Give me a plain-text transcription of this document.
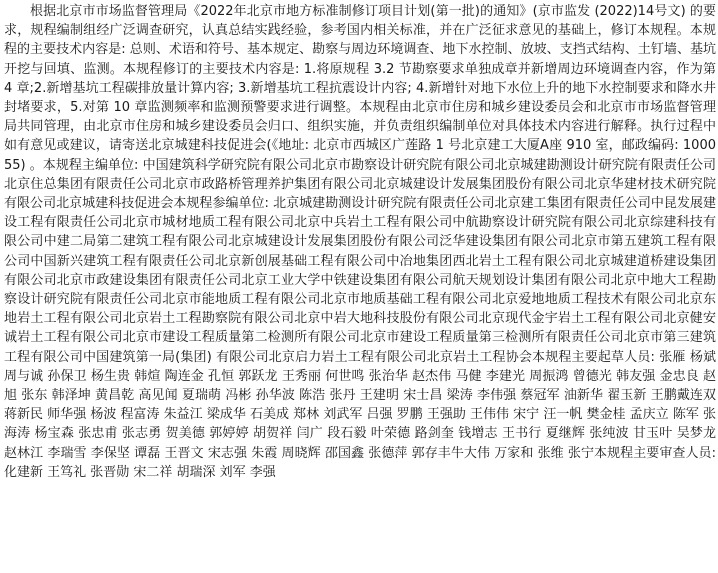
根据北京市市场监督管理局《2022年北京市地方标准制修订项目计划(第一批)的通知》(京市监发 (2022)14号文) 的要求，规程编制组经广泛调查研究，认真总结实践经验，参考国内相关标准，并在广泛征求意见的基础上，修订本规程。本规程的主要技术内容是: 总则、术语和符号、基本规定、勘察与周边环境调查、地下水控制、放坡、支挡式结构、土钉墙、基坑开挖与回填、监测。本规程修订的主要技术内容是: 1.将原规程 3.2 节勘察要求单独成章并新增周边环境调查内容，作为第 4 章;2.新增基坑工程碳排放量计算内容; 3.新增基坑工程抗震设计内容; 4.新增针对地下水位上升的地下水控制要求和降水井封堵要求，5.对第 10 章监测频率和监测预警要求进行调整。本规程由北京市住房和城乡建设委员会和北京市市场监督管理局共同管理，由北京市住房和城乡建设委员会归口、组织实施，并负责组织编制单位对具体技术内容进行解释。执行过程中如有意见或建议，请寄送北京城建科技促进会(《地址: 北京市西城区广莲路 1 号北京建工大厦A座 910 室，邮政编码: 100055) 。本规程主编单位: 中国建筑科学研究院有限公司北京市勘察设计研究院有限公司北京城建勘测设计研究院有限责任公司北京住总集团有限责任公司北京市政路桥管理养护集团有限公司北京城建设计发展集团股份有限公司北京华建材技术研究院有限公司北京城建科技促进会本规程参编单位: 北京城建勘测设计研究院有限责任公司北京建工集团有限责任公司中昆发展建设工程有限责任公司北京市城材地质工程有限公司北京中兵岩土工程有限公司中航勘察设计研究院有限公司北京综建科技有限公司中建二局第二建筑工程有限公司北京城建设计发展集团股份有限公司泛华建设集团有限公司北京市第五建筑工程有限公司中国新兴建筑工程有限责任公司北京新创展基础工程有限公司中冶地集团西北岩土工程有限公司北京城建道桥建设集团有限公司北京市政建设集团有限责任公司北京工业大学中铁建设集团有限公司航天规划设计集团有限公司北京中地大工程勘察设计研究院有限责任公司北京市能地质工程有限公司北京市地质基础工程有限公司北京爱地地质工程技术有限公司北京东地岩土工程有限公司北京岩土工程勘察院有限公司北京中岩大地科技股份有限公司北京现代金宇岩土工程有限公司北京健安诚岩土工程有限公司北京市建设工程质量第二检测所有限公司北京市建设工程质量第三检测所有限责任公司北京市第三建筑工程有限公司中国建筑第一局(集团) 有限公司北京启力岩土工程有限公司北京岩土工程协会本规程主要起草人员: 张雁 杨斌 周与诚 孙保卫 杨生贵 韩煊 陶连金 孔恒 郭跃龙 王秀丽 何世鸣 张治华 赵杰伟 马健 李建光 周振鸿 曾德光 韩友强 金忠良 赵旭 张东 韩泽坤 黄昌乾 高见闻 夏瑞萌 冯彬 孙华波 陈浩 张丹 王建明 宋士昌 梁涛 李伟强 蔡冠军 油新华 翟玉新 王鹏戴连双 蒋新民 师华强 杨波 程富涛 朱益江 梁成华 石美成 郑林 刘武军 吕强 罗鹏 王强助 王伟伟 宋宁 汪一帆 樊金桂 孟庆立 陈军 张海涛 杨宝森 张忠甫 张志勇 贺美德 郭婷婷 胡贺祥 闫广 段石毅 叶荣德 路剑奎 钱增志 王书行 夏继辉 张纯波 甘玉叶 吴梦龙 赵林江 李瑞雪 李保坚 谭磊 王晋文 宋志强 朱霞 周晓辉 邵国鑫 张德萍 郭存丰牛大伟 万家和 张维 张宁本规程主要审查人员: 化建新 王笃礼 张晋勋 宋二祥 胡瑞深 刘军 李强
